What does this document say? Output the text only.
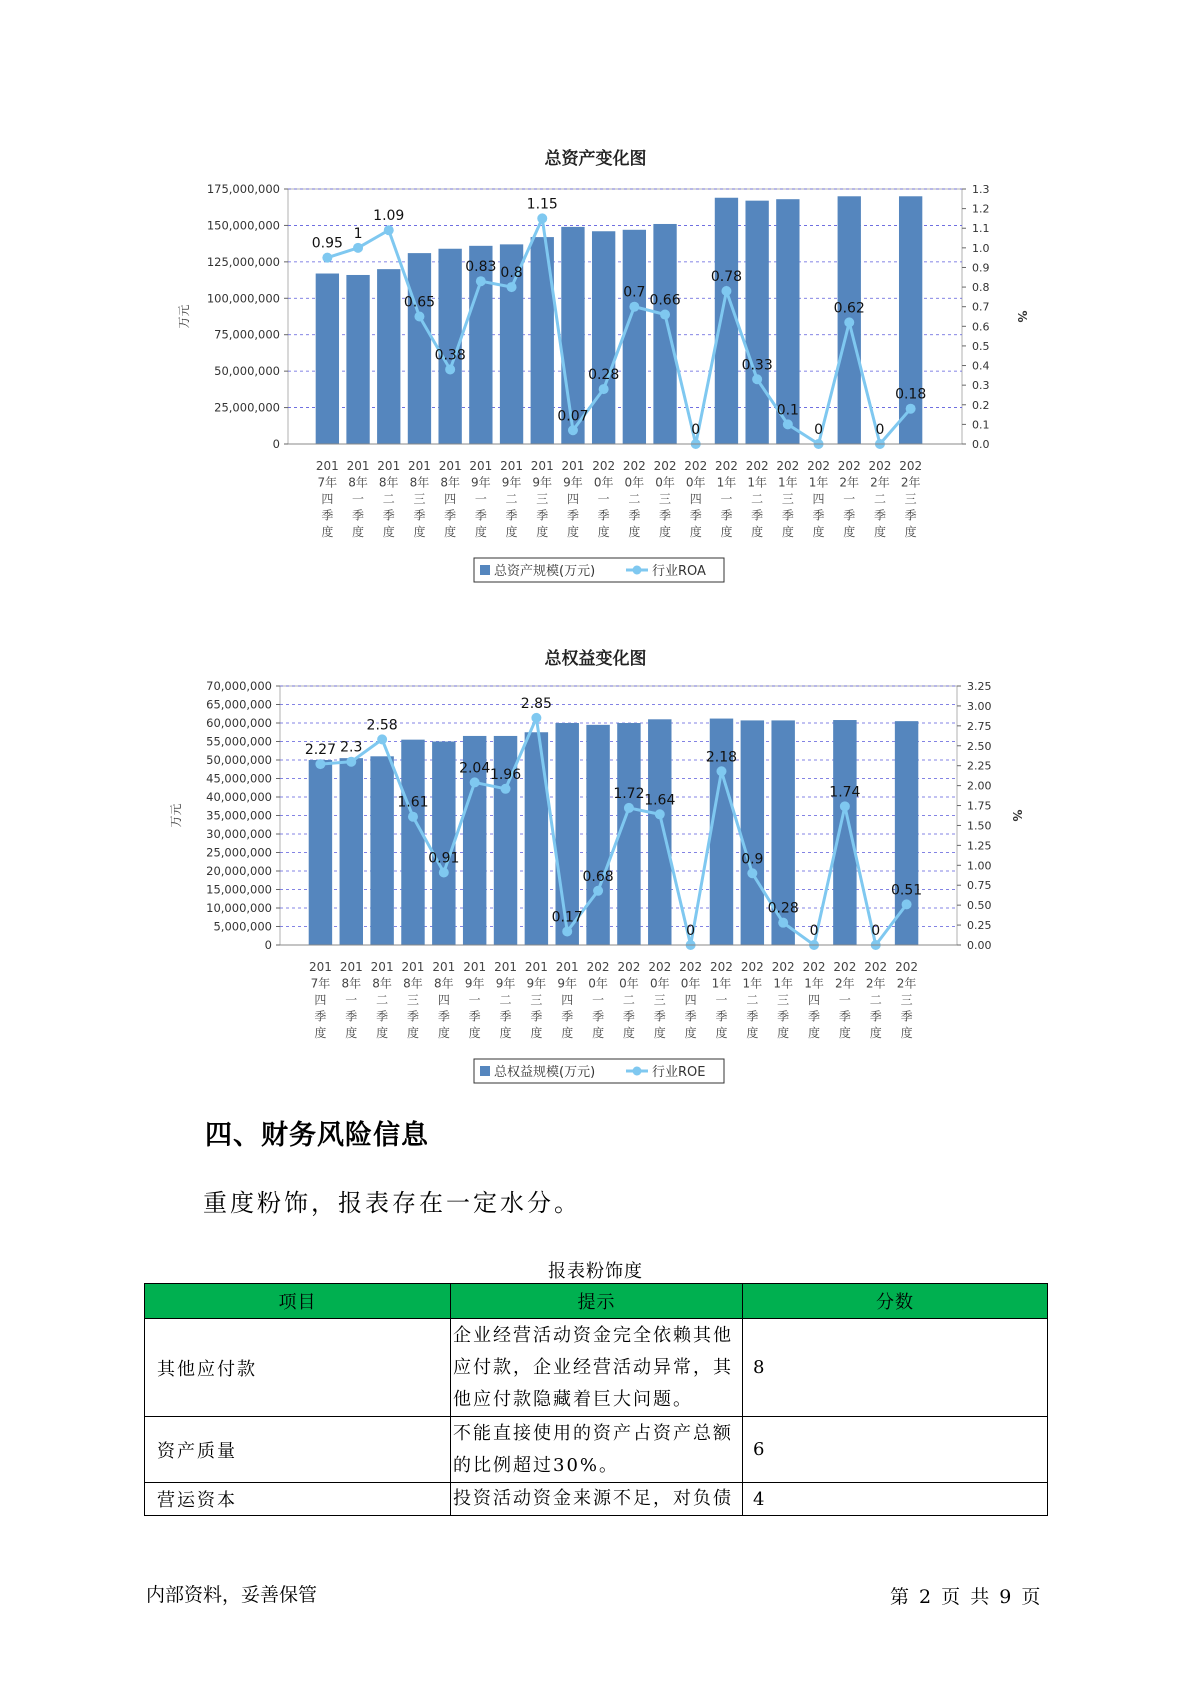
总资产变化图
0
25,000,000
50,000,000
75,000,000
100,000,000
125,000,000
150,000,000
175,000,000
0.0
0.1
0.2
0.3
0.4
0.5
0.6
0.7
0.8
0.9
1.0
1.1
1.2
1.3
万元	%
0.95
1
1.09
0.65
0.38
0.83 0.8
1.15
0.07
0.28
0.7 0.66
0
0.78
0.33
0.1
0
0.62
0
0.18
201 7年四季度
201 8年一季度
201 8年二季度
201 8年三季度
201 8年四季度
201 9年一季度
201 9年二季度
201 9年三季度
201 9年四季度
202 0年一季度
202 0年二季度
202 0年三季度
202 0年四季度
202 1年一季度
202 1年二季度
202 1年三季度
202 1年四季度
202 2年一季度
202 2年二季度
202 2年三季度
总资产规模(万元)	行业ROA
总权益变化图
0
5,000,000
10,000,000
15,000,000
20,000,000
25,000,000
30,000,000
35,000,000
40,000,000
45,000,000
50,000,000
55,000,000
60,000,000
65,000,000
70,000,000
0.00
0.25
0.50
0.75
1.00
1.25
1.50
1.75
2.00
2.25
2.50
2.75
3.00
3.25
万元	%
2.27 2.3
2.58
1.61
0.91
2.04 1.96
2.85
0.17
0.68
1.72 1.64
0
2.18
0.9
0.28
0
1.74
0
0.51
201 7年四季度
201 8年一季度
201 8年二季度
201 8年三季度
201 8年四季度
201 9年一季度
201 9年二季度
201 9年三季度
201 9年四季度
202 0年一季度
202 0年二季度
202 0年三季度
202 0年四季度
202 1年一季度
202 1年二季度
202 1年三季度
202 1年四季度
202 2年一季度
202 2年二季度
202 2年三季度
总权益规模(万元)	行业ROE
四、财务风险信息
重度粉饰，报表存在一定水分。
报表粉饰度
项目	提示	分数
其他应付款	企业经营活动资金完全依赖其他应付款，企业经营活动异常，其他应付款隐藏着巨大问题。	8
资产质量	不能直接使用的资产占资产总额的比例超过30%。	6
营运资本	投资活动资金来源不足，对负债	4
内部资料，妥善保管	第 2 页 共 9 页
